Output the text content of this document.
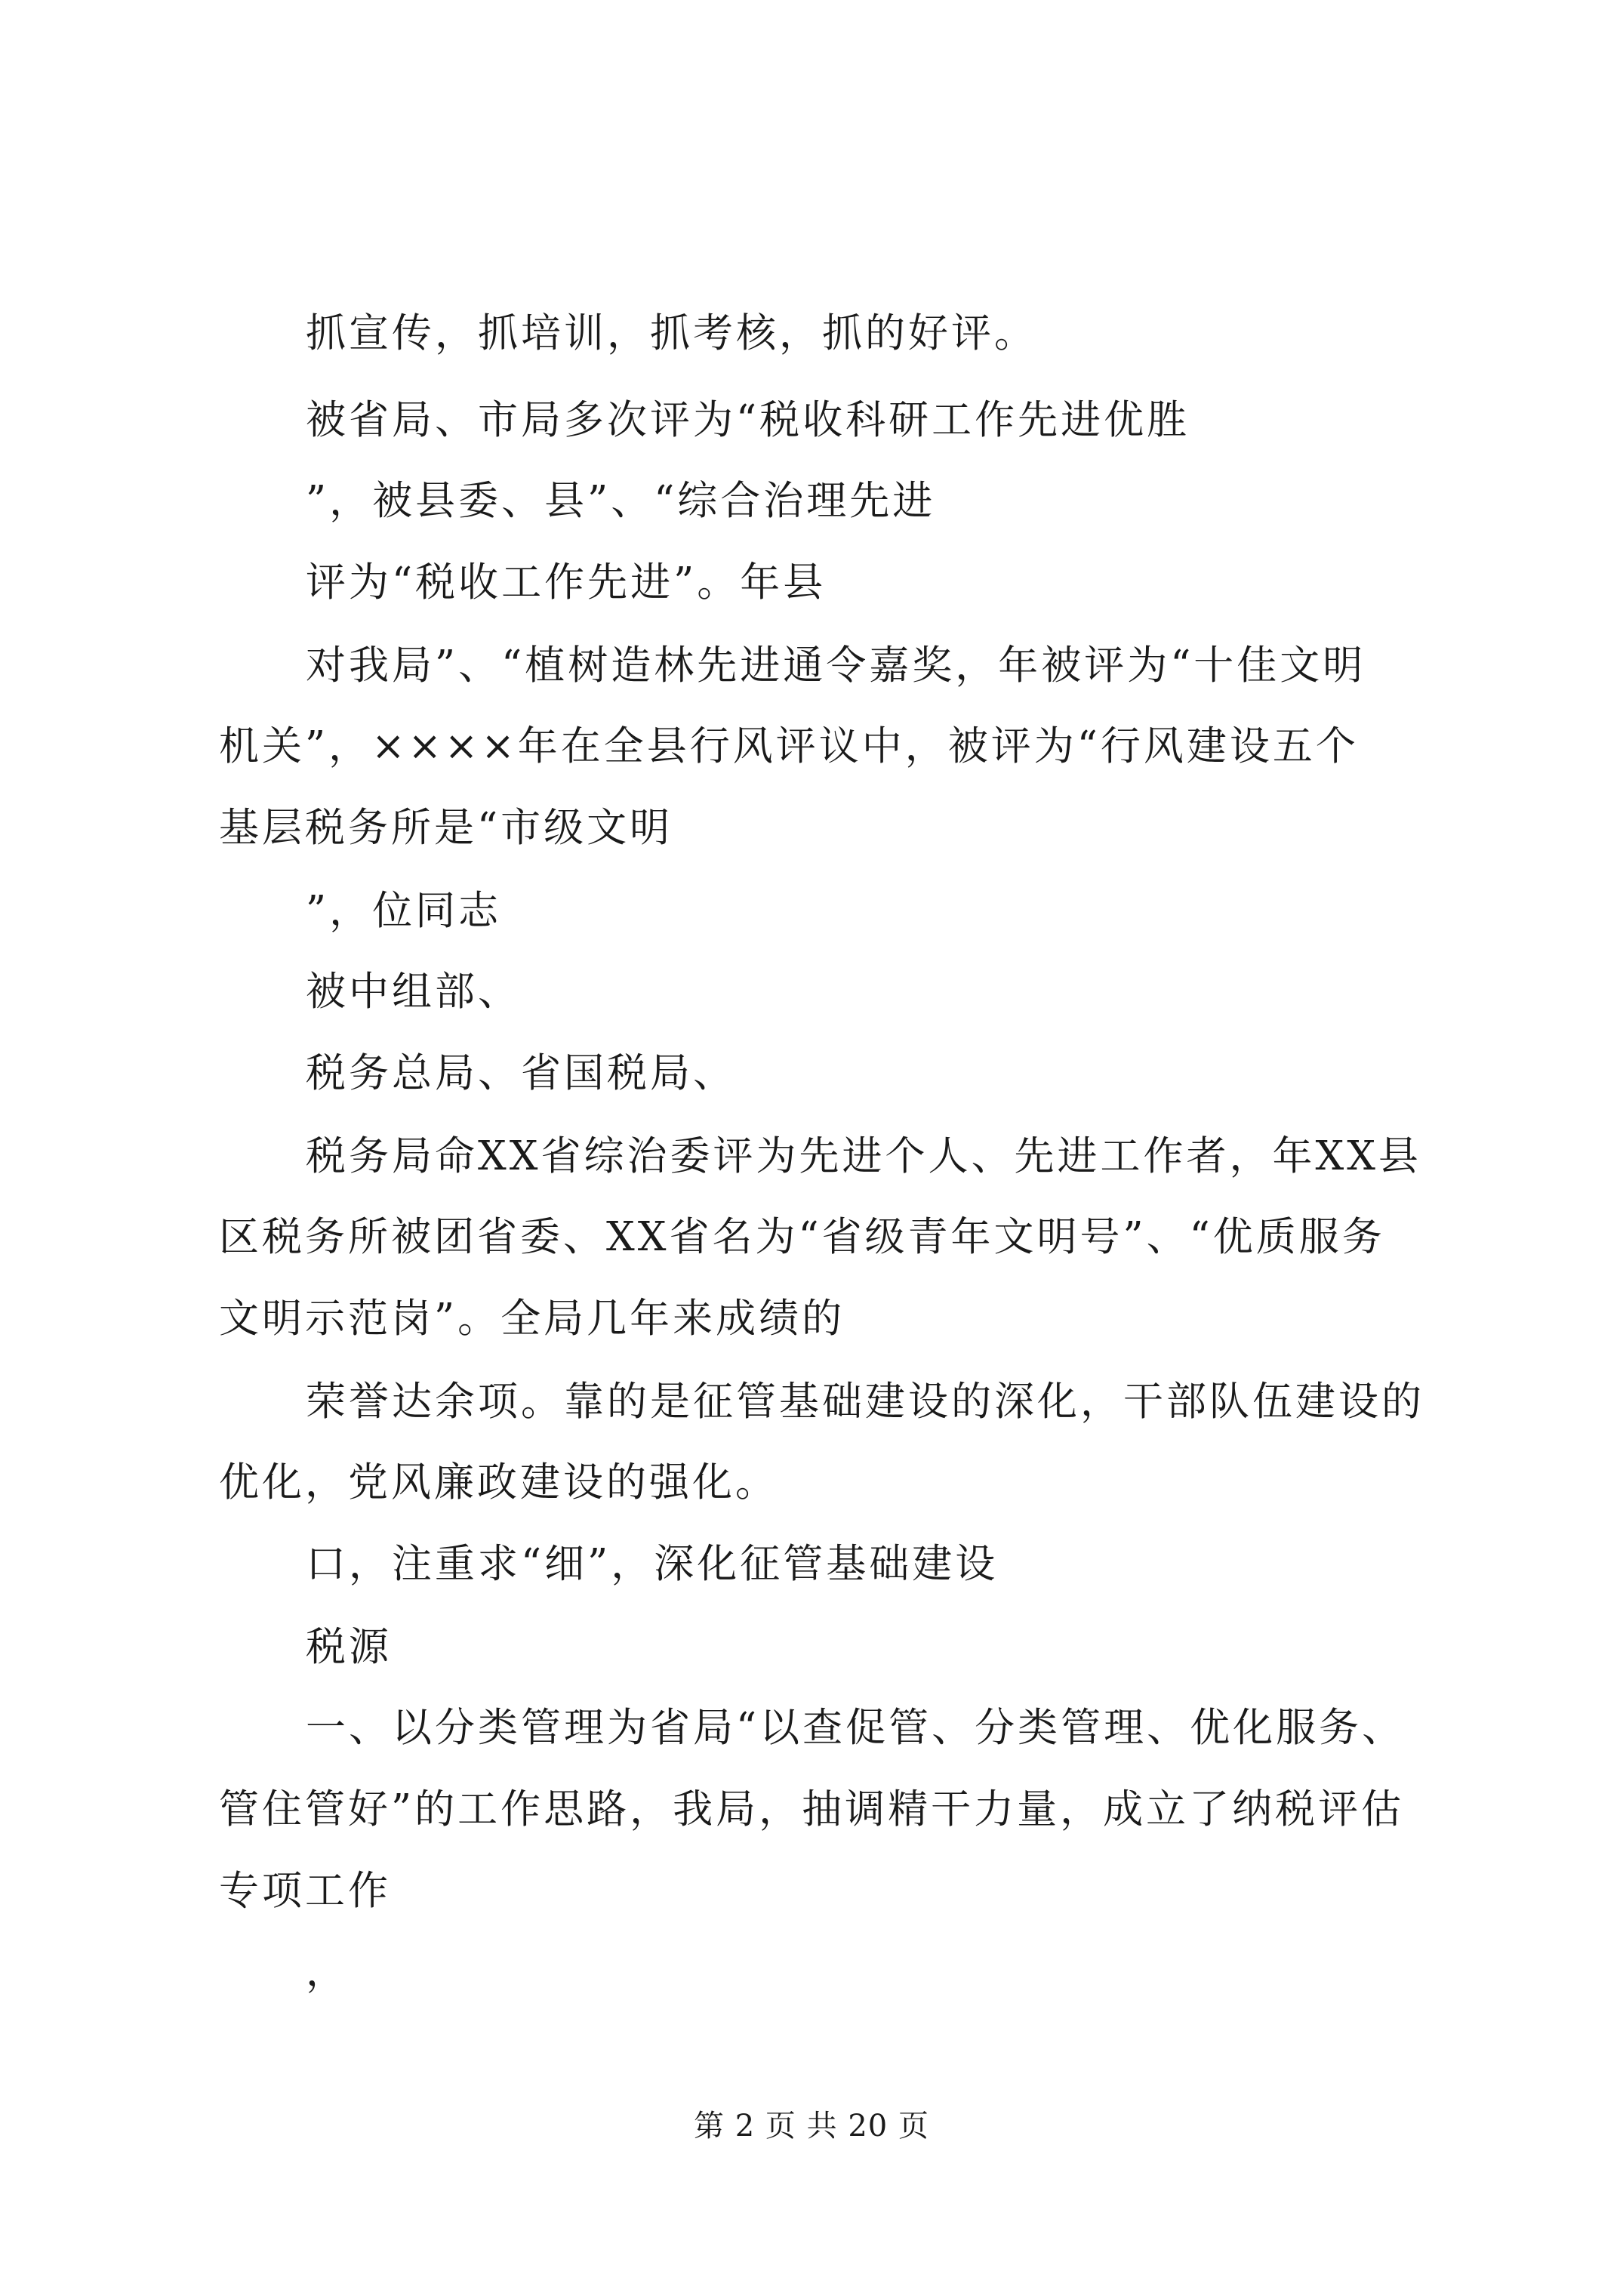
抓宣传，抓培训，抓考核，抓的好评。
被省局、市局多次评为“税收科研工作先进优胜
”，被县委、县”、“综合治理先进
评为“税收工作先进”。年县
对我局”、“植树造林先进通令嘉奖，年被评为“十佳文明
机关”，××××年在全县行风评议中，被评为“行风建设五个
基层税务所是“市级文明
”，位同志
被中组部、
税务总局、省国税局、
税务局命XX省综治委评为先进个人、先进工作者，年XX县
区税务所被团省委、XX省名为“省级青年文明号”、“优质服务
文明示范岗”。全局几年来成绩的
荣誉达余项。靠的是征管基础建设的深化，干部队伍建设的
优化，党风廉政建设的强化。
口，注重求“细”，深化征管基础建设
税源
一、以分类管理为省局“以查促管、分类管理、优化服务、
管住管好”的工作思路，我局，抽调精干力量，成立了纳税评估
专项工作
，
第 2 页 共 20 页
